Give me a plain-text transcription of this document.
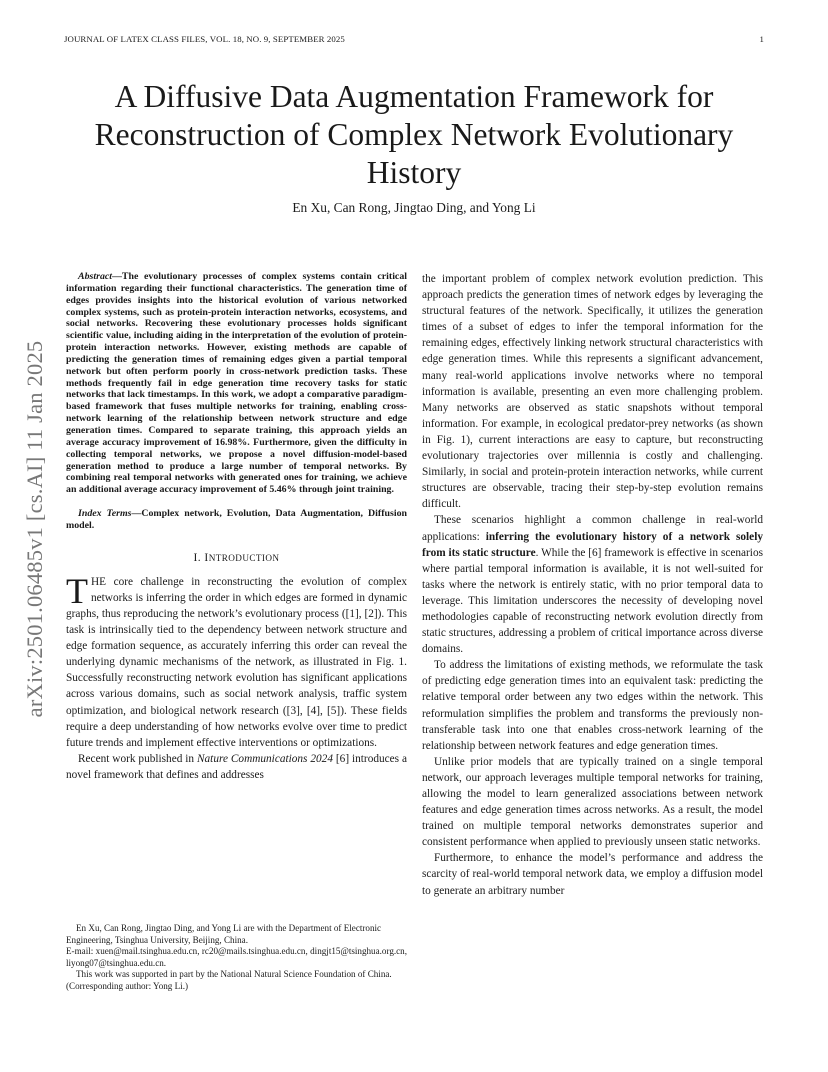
JOURNAL OF LATEX CLASS FILES, VOL. 18, NO. 9, SEPTEMBER 2025	1
A Diffusive Data Augmentation Framework for Reconstruction of Complex Network Evolutionary History
En Xu, Can Rong, Jingtao Ding, and Yong Li
arXiv:2501.06485v1 [cs.AI] 11 Jan 2025

Abstract—The evolutionary processes of complex systems contain critical information regarding their functional characteristics. The generation time of edges provides insights into the historical evolution of various networked complex systems, such as protein-protein interaction networks, ecosystems, and social networks. Recovering these evolutionary processes holds significant scientific value, including aiding in the interpretation of the evolution of protein-protein interaction networks. However, existing methods are capable of predicting the generation times of remaining edges given a partial temporal network but often perform poorly in cross-network prediction tasks. These methods frequently fail in edge generation time recovery tasks for static networks that lack timestamps. In this work, we adopt a comparative paradigm-based framework that fuses multiple networks for training, enabling cross-network learning of the relationship between network structure and edge generation times. Compared to separate training, this approach yields an average accuracy improvement of 16.98%. Furthermore, given the difficulty in collecting temporal networks, we propose a novel diffusion-model-based generation method to produce a large number of temporal networks. By combining real temporal networks with generated ones for training, we achieve an additional average accuracy improvement of 5.46% through joint training.

Index Terms—Complex network, Evolution, Data Augmentation, Diffusion model.

I. INTRODUCTION

THE core challenge in reconstructing the evolution of complex networks is inferring the order in which edges are formed in dynamic graphs, thus reproducing the network’s evolutionary process ([1], [2]). This task is intrinsically tied to the dependency between network structure and edge formation sequence, as accurately inferring this order can reveal the underlying dynamic mechanisms of the network, as illustrated in Fig. 1. Successfully reconstructing network evolution has significant applications across various domains, such as social network analysis, traffic system optimization, and biological network research ([3], [4], [5]). These fields require a deep understanding of how networks evolve over time to predict future trends and implement effective interventions or optimizations.

Recent work published in Nature Communications 2024 [6] introduces a novel framework that defines and addresses

En Xu, Can Rong, Jingtao Ding, and Yong Li are with the Department of Electronic Engineering, Tsinghua University, Beijing, China.

E-mail: xuen@mail.tsinghua.edu.cn, rc20@mails.tsinghua.edu.cn, dingjt15@tsinghua.org.cn, liyong07@tsinghua.edu.cn.

This work was supported in part by the National Natural Science Foundation of China.

(Corresponding author: Yong Li.)

the important problem of complex network evolution prediction. This approach predicts the generation times of network edges by leveraging the structural features of the network. Specifically, it utilizes the generation times of a subset of edges to infer the temporal information for the remaining edges, effectively linking network structural characteristics with edge generation times. While this represents a significant advancement, many real-world applications involve networks where no temporal information is available, presenting an even more challenging problem. Many networks are observed as static snapshots without temporal information. For example, in ecological predator-prey networks (as shown in Fig. 1), current interactions are easy to capture, but reconstructing evolutionary trajectories over millennia is costly and challenging. Similarly, in social and protein-protein interaction networks, while current structures are observable, tracing their step-by-step evolution remains difficult.

These scenarios highlight a common challenge in real-world applications: inferring the evolutionary history of a network solely from its static structure. While the [6] framework is effective in scenarios where partial temporal information is available, it is not well-suited for tasks where the network is entirely static, with no prior temporal data to leverage. This limitation underscores the necessity of developing novel methodologies capable of reconstructing network evolution directly from static structures, addressing a problem of critical importance across diverse domains.

To address the limitations of existing methods, we reformulate the task of predicting edge generation times into an equivalent task: predicting the relative temporal order between any two edges within the network. This reformulation simplifies the problem and transforms the previously non-transferable task into one that enables cross-network learning of the relationship between network features and edge generation times.

Unlike prior models that are typically trained on a single temporal network, our approach leverages multiple temporal networks for training, allowing the model to learn generalized associations between network features and edge generation times across networks. As a result, the model trained on multiple temporal networks demonstrates superior and consistent performance when applied to previously unseen static networks.

Furthermore, to enhance the model’s performance and address the scarcity of real-world temporal network data, we employ a diffusion model to generate an arbitrary number
